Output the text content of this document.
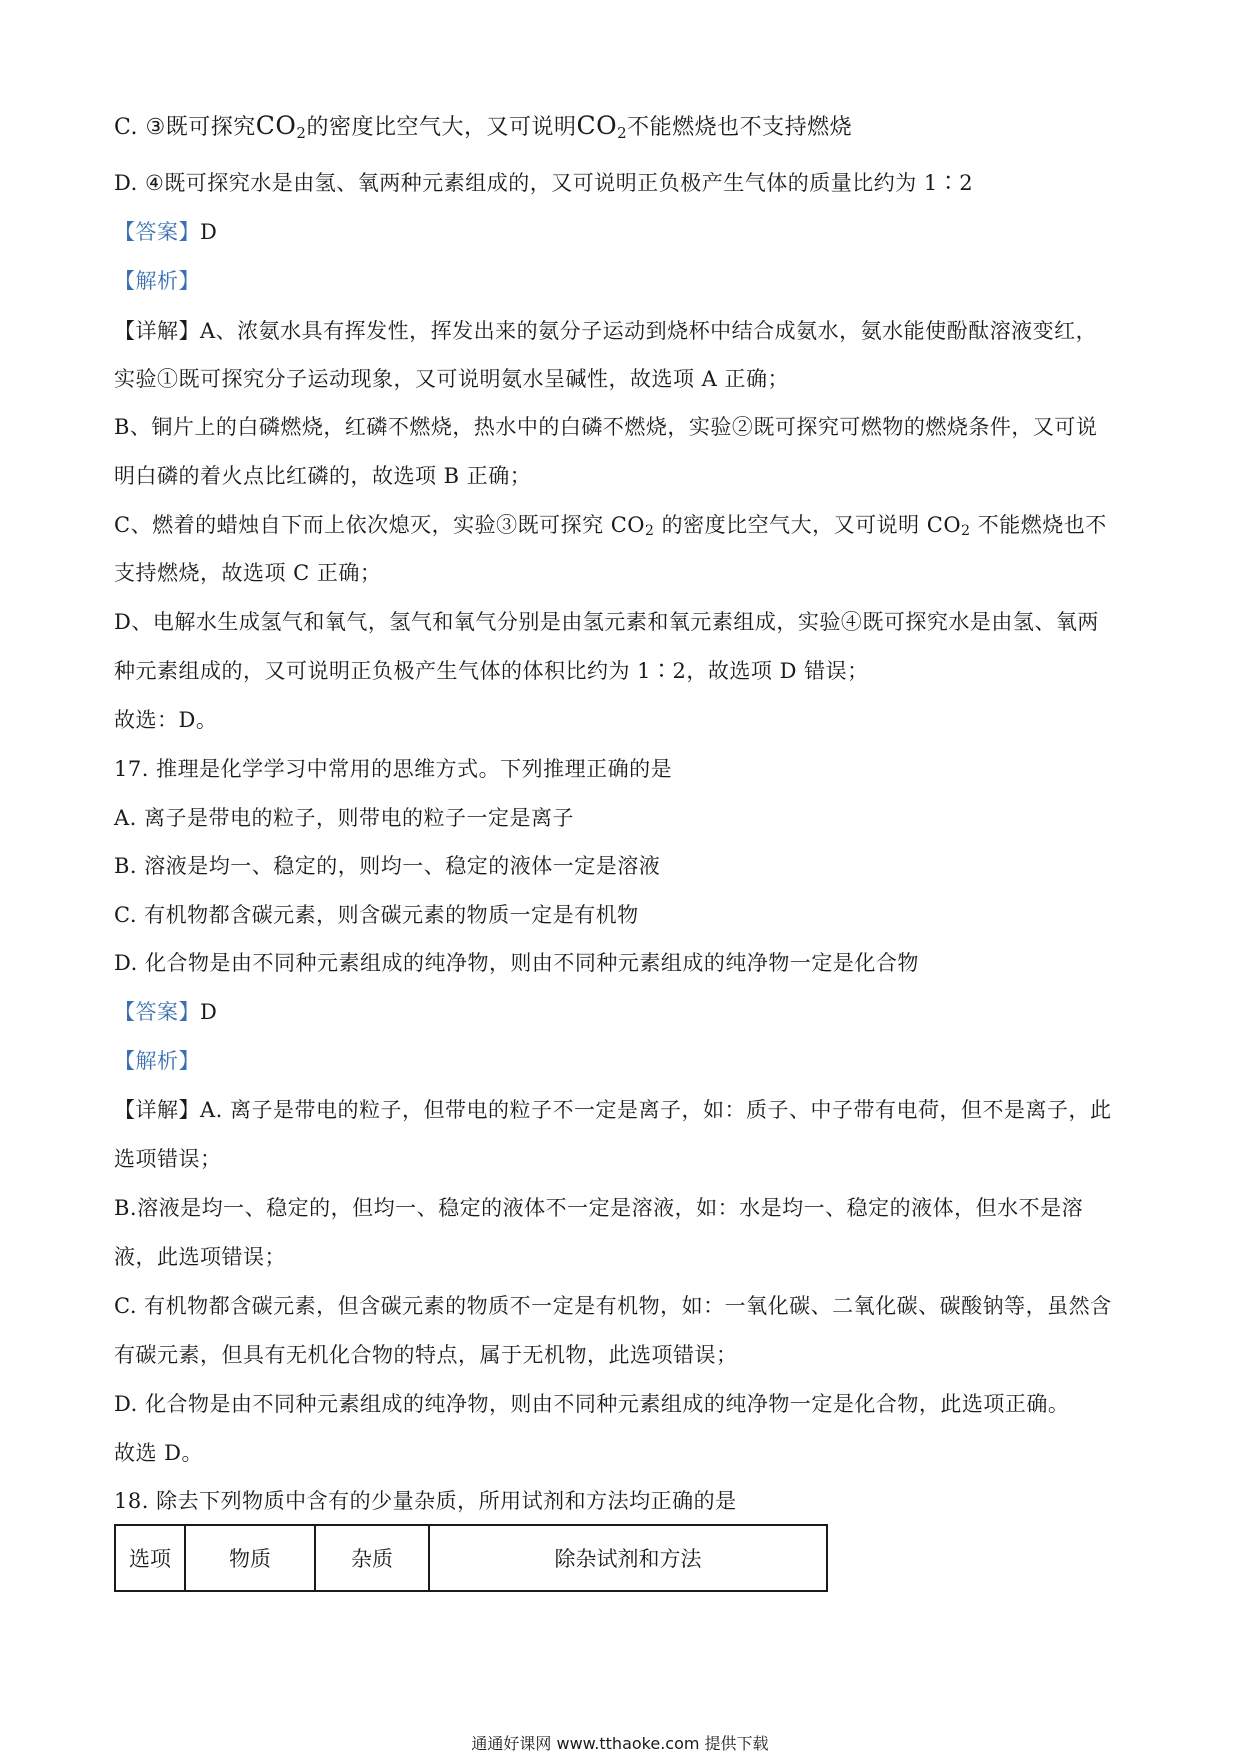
C. ③既可探究$CO_2$的密度比空气大，又可说明$CO_2$不能燃烧也不支持燃烧
D. ④既可探究水是由氢、氧两种元素组成的，又可说明正负极产生气体的质量比约为 1∶2
【答案】D
【解析】
【详解】A、浓氨水具有挥发性，挥发出来的氨分子运动到烧杯中结合成氨水，氨水能使酚酞溶液变红，
实验①既可探究分子运动现象，又可说明氨水呈碱性，故选项 A 正确；
B、铜片上的白磷燃烧，红磷不燃烧，热水中的白磷不燃烧，实验②既可探究可燃物的燃烧条件，又可说
明白磷的着火点比红磷的，故选项 B 正确；
C、燃着的蜡烛自下而上依次熄灭，实验③既可探究 $CO_2$ 的密度比空气大，又可说明 $CO_2$ 不能燃烧也不
支持燃烧，故选项 C 正确；
D、电解水生成氢气和氧气，氢气和氧气分别是由氢元素和氧元素组成，实验④既可探究水是由氢、氧两
种元素组成的，又可说明正负极产生气体的体积比约为 1∶2，故选项 D 错误；
故选：D。
17. 推理是化学学习中常用的思维方式。下列推理正确的是
A. 离子是带电的粒子，则带电的粒子一定是离子
B. 溶液是均一、稳定的，则均一、稳定的液体一定是溶液
C. 有机物都含碳元素，则含碳元素的物质一定是有机物
D. 化合物是由不同种元素组成的纯净物，则由不同种元素组成的纯净物一定是化合物
【答案】D
【解析】
【详解】A. 离子是带电的粒子，但带电的粒子不一定是离子，如：质子、中子带有电荷，但不是离子，此
选项错误；
B.溶液是均一、稳定的，但均一、稳定的液体不一定是溶液，如：水是均一、稳定的液体，但水不是溶
液，此选项错误；
C. 有机物都含碳元素，但含碳元素的物质不一定是有机物，如：一氧化碳、二氧化碳、碳酸钠等，虽然含
有碳元素，但具有无机化合物的特点，属于无机物，此选项错误；
D. 化合物是由不同种元素组成的纯净物，则由不同种元素组成的纯净物一定是化合物，此选项正确。
故选 D。
18. 除去下列物质中含有的少量杂质，所用试剂和方法均正确的是
选项	物质	杂质	除杂试剂和方法
通通好课网 www.tthaoke.com 提供下载
